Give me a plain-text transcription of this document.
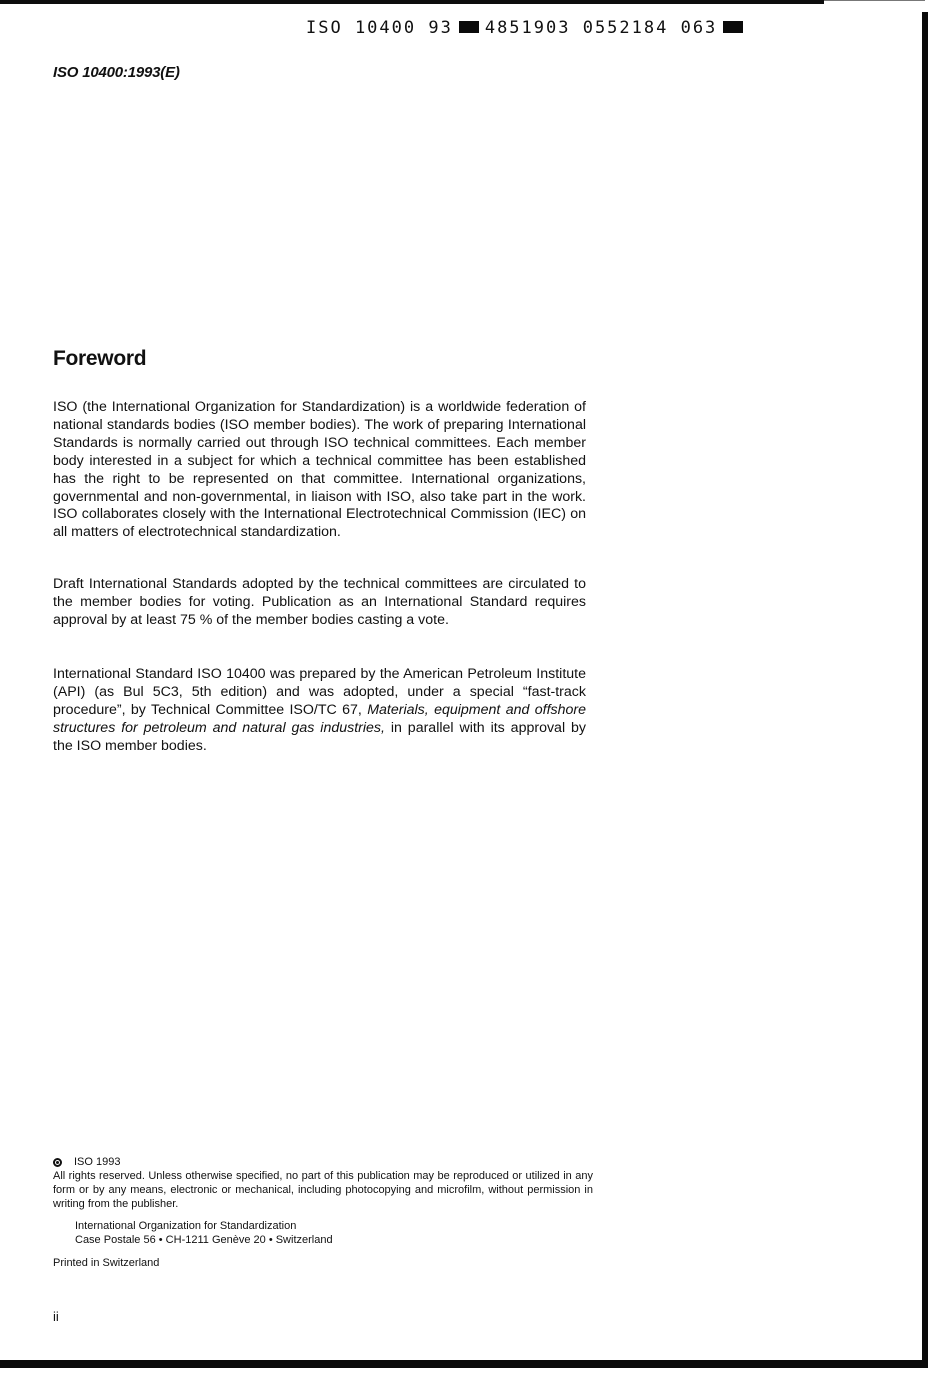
ISO 10400 93 4851903 0552184 063
ISO 10400:1993(E)
Foreword

ISO (the International Organization for Standardization) is a worldwide federation of national standards bodies (ISO member bodies). The work of preparing International Standards is normally carried out through ISO technical committees. Each member body interested in a subject for which a technical committee has been established has the right to be represented on that committee. International organizations, governmental and non-governmental, in liaison with ISO, also take part in the work. ISO collaborates closely with the International Electrotechnical Commission (IEC) on all matters of electrotechnical standardization.

Draft International Standards adopted by the technical committees are circulated to the member bodies for voting. Publication as an International Standard requires approval by at least 75 % of the member bodies casting a vote.

International Standard ISO 10400 was prepared by the American Petroleum Institute (API) (as Bul 5C3, 5th edition) and was adopted, under a special “fast-track procedure”, by Technical Committee ISO/TC 67, Materials, equipment and offshore structures for petroleum and natural gas industries, in parallel with its approval by the ISO member bodies.

ISO 1993

All rights reserved. Unless otherwise specified, no part of this publication may be reproduced or utilized in any form or by any means, electronic or mechanical, including photocopying and microfilm, without permission in writing from the publisher.

International Organization for Standardization
Case Postale 56 • CH-1211 Genève 20 • Switzerland
Printed in Switzerland
ii
